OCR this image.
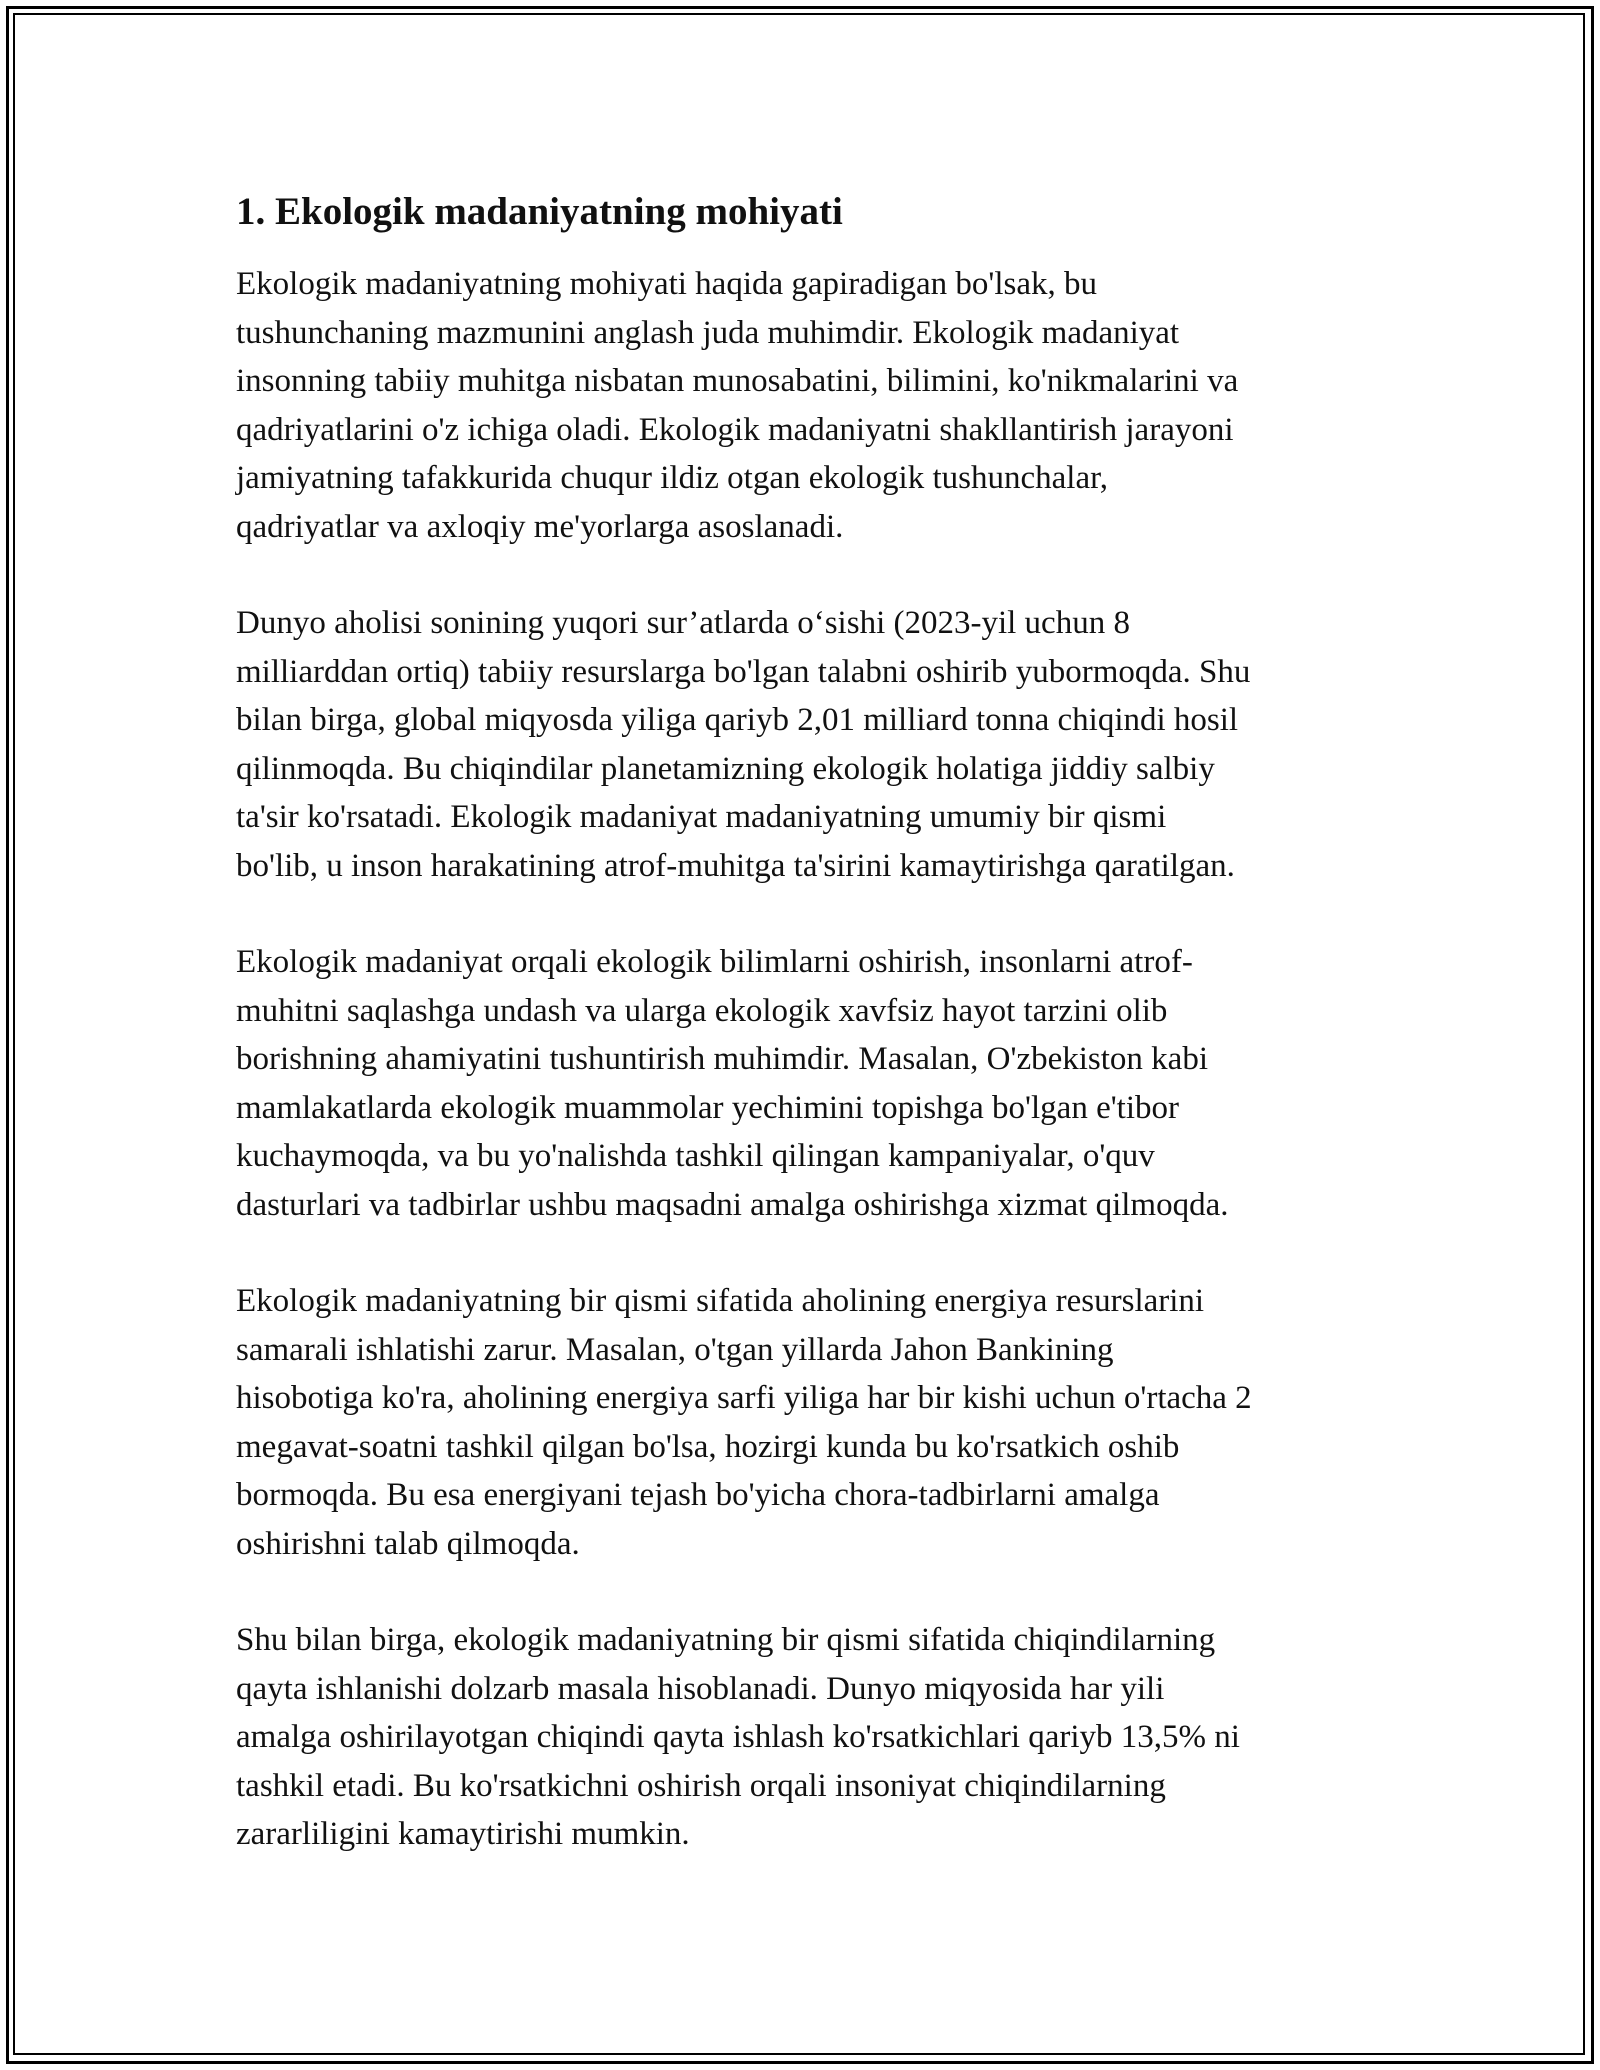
1. Ekologik madaniyatning mohiyati

Ekologik madaniyatning mohiyati haqida gapiradigan bo'lsak, bu
tushunchaning mazmunini anglash juda muhimdir. Ekologik madaniyat
insonning tabiiy muhitga nisbatan munosabatini, bilimini, ko'nikmalarini va
qadriyatlarini o'z ichiga oladi. Ekologik madaniyatni shakllantirish jarayoni
jamiyatning tafakkurida chuqur ildiz otgan ekologik tushunchalar,
qadriyatlar va axloqiy me'yorlarga asoslanadi.

Dunyo aholisi sonining yuqori sur’atlarda o‘sishi (2023-yil uchun 8
milliarddan ortiq) tabiiy resurslarga bo'lgan talabni oshirib yubormoqda. Shu
bilan birga, global miqyosda yiliga qariyb 2,01 milliard tonna chiqindi hosil
qilinmoqda. Bu chiqindilar planetamizning ekologik holatiga jiddiy salbiy
ta'sir ko'rsatadi. Ekologik madaniyat madaniyatning umumiy bir qismi
bo'lib, u inson harakatining atrof-muhitga ta'sirini kamaytirishga qaratilgan.

Ekologik madaniyat orqali ekologik bilimlarni oshirish, insonlarni atrof-
muhitni saqlashga undash va ularga ekologik xavfsiz hayot tarzini olib
borishning ahamiyatini tushuntirish muhimdir. Masalan, O'zbekiston kabi
mamlakatlarda ekologik muammolar yechimini topishga bo'lgan e'tibor
kuchaymoqda, va bu yo'nalishda tashkil qilingan kampaniyalar, o'quv
dasturlari va tadbirlar ushbu maqsadni amalga oshirishga xizmat qilmoqda.

Ekologik madaniyatning bir qismi sifatida aholining energiya resurslarini
samarali ishlatishi zarur. Masalan, o'tgan yillarda Jahon Bankining
hisobotiga ko'ra, aholining energiya sarfi yiliga har bir kishi uchun o'rtacha 2
megavat-soatni tashkil qilgan bo'lsa, hozirgi kunda bu ko'rsatkich oshib
bormoqda. Bu esa energiyani tejash bo'yicha chora-tadbirlarni amalga
oshirishni talab qilmoqda.

Shu bilan birga, ekologik madaniyatning bir qismi sifatida chiqindilarning
qayta ishlanishi dolzarb masala hisoblanadi. Dunyo miqyosida har yili
amalga oshirilayotgan chiqindi qayta ishlash ko'rsatkichlari qariyb 13,5% ni
tashkil etadi. Bu ko'rsatkichni oshirish orqali insoniyat chiqindilarning
zararliligini kamaytirishi mumkin.
